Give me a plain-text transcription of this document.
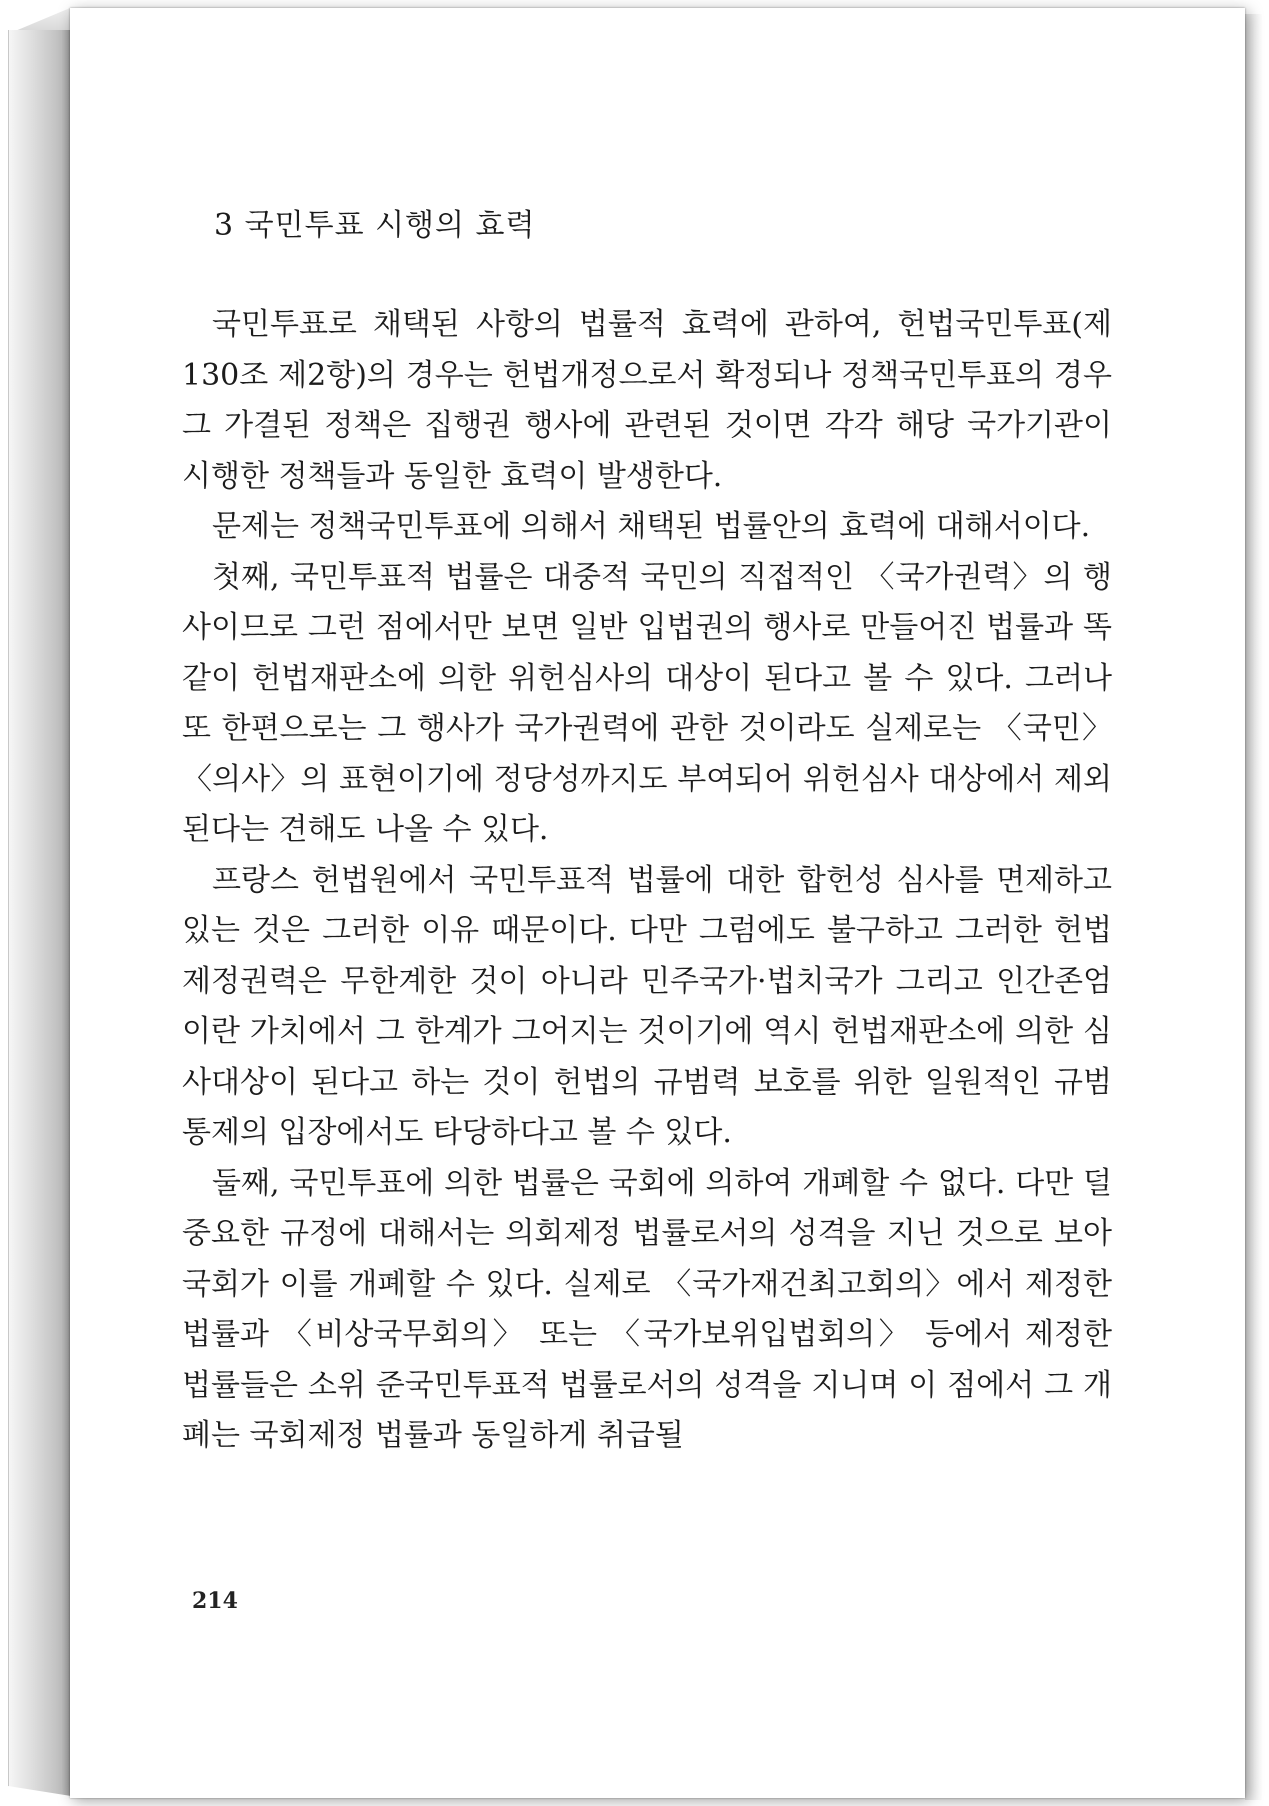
3 국민투표 시행의 효력

국민투표로 채택된 사항의 법률적 효력에 관하여, 헌법국민투표(제130조 제2항)의 경우는 헌법개정으로서 확정되나 정책국민투표의 경우 그 가결된 정책은 집행권 행사에 관련된 것이면 각각 해당 국가기관이 시행한 정책들과 동일한 효력이 발생한다.

문제는 정책국민투표에 의해서 채택된 법률안의 효력에 대해서이다.

첫째, 국민투표적 법률은 대중적 국민의 직접적인 〈국가권력〉의 행사이므로 그런 점에서만 보면 일반 입법권의 행사로 만들어진 법률과 똑같이 헌법재판소에 의한 위헌심사의 대상이 된다고 볼 수 있다. 그러나 또 한편으로는 그 행사가 국가권력에 관한 것이라도 실제로는 〈국민〉〈의사〉의 표현이기에 정당성까지도 부여되어 위헌심사 대상에서 제외된다는 견해도 나올 수 있다.

프랑스 헌법원에서 국민투표적 법률에 대한 합헌성 심사를 면제하고 있는 것은 그러한 이유 때문이다. 다만 그럼에도 불구하고 그러한 헌법제정권력은 무한계한 것이 아니라 민주국가·법치국가 그리고 인간존엄이란 가치에서 그 한계가 그어지는 것이기에 역시 헌법재판소에 의한 심사대상이 된다고 하는 것이 헌법의 규범력 보호를 위한 일원적인 규범 통제의 입장에서도 타당하다고 볼 수 있다.

둘째, 국민투표에 의한 법률은 국회에 의하여 개폐할 수 없다. 다만 덜 중요한 규정에 대해서는 의회제정 법률로서의 성격을 지닌 것으로 보아 국회가 이를 개폐할 수 있다. 실제로 〈국가재건최고회의〉에서 제정한 법률과 〈비상국무회의〉 또는 〈국가보위입법회의〉 등에서 제정한 법률들은 소위 준국민투표적 법률로서의 성격을 지니며 이 점에서 그 개폐는 국회제정 법률과 동일하게 취급될

214
